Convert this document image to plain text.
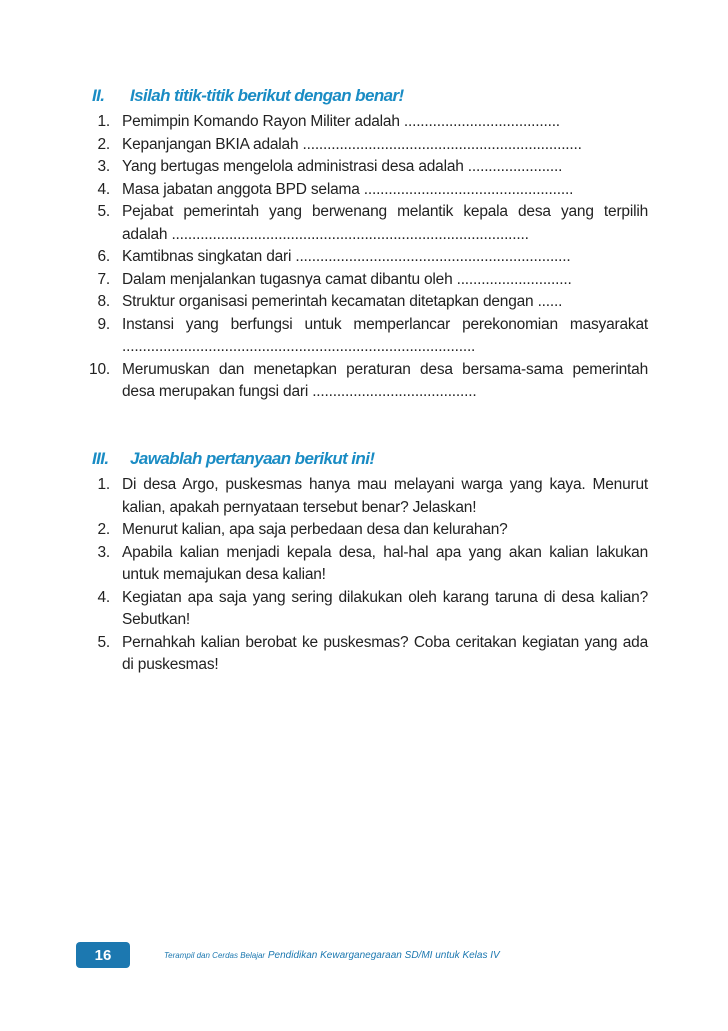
II.	Isilah titik-titik berikut dengan benar!
1. Pemimpin Komando Rayon Militer adalah ......................................
2. Kepanjangan BKIA adalah ....................................................................
3. Yang bertugas mengelola administrasi desa adalah .......................
4. Masa jabatan anggota BPD selama ...................................................
5. Pejabat pemerintah yang berwenang melantik kepala desa yang terpilih adalah .......................................................................................
6. Kamtibnas singkatan dari ...................................................................
7. Dalam menjalankan tugasnya camat dibantu oleh ............................
8. Struktur organisasi pemerintah kecamatan ditetapkan dengan ......
9. Instansi yang berfungsi untuk memperlancar perekonomian masyarakat ......................................................................................
10. Merumuskan dan menetapkan peraturan desa bersama-sama pemerintah desa merupakan fungsi dari ........................................
III.	Jawablah pertanyaan berikut ini!
1. Di desa Argo, puskesmas hanya mau melayani warga yang kaya. Menurut kalian, apakah pernyataan tersebut benar? Jelaskan!
2. Menurut kalian, apa saja perbedaan desa dan kelurahan?
3. Apabila kalian menjadi kepala desa, hal-hal apa yang akan kalian lakukan untuk memajukan desa kalian!
4. Kegiatan apa saja yang sering dilakukan oleh karang taruna di desa kalian? Sebutkan!
5. Pernahkah kalian berobat ke puskesmas? Coba ceritakan kegiatan yang ada di puskesmas!
16	Terampil dan Cerdas Belajar Pendidikan Kewarganegaraan SD/MI untuk Kelas IV
